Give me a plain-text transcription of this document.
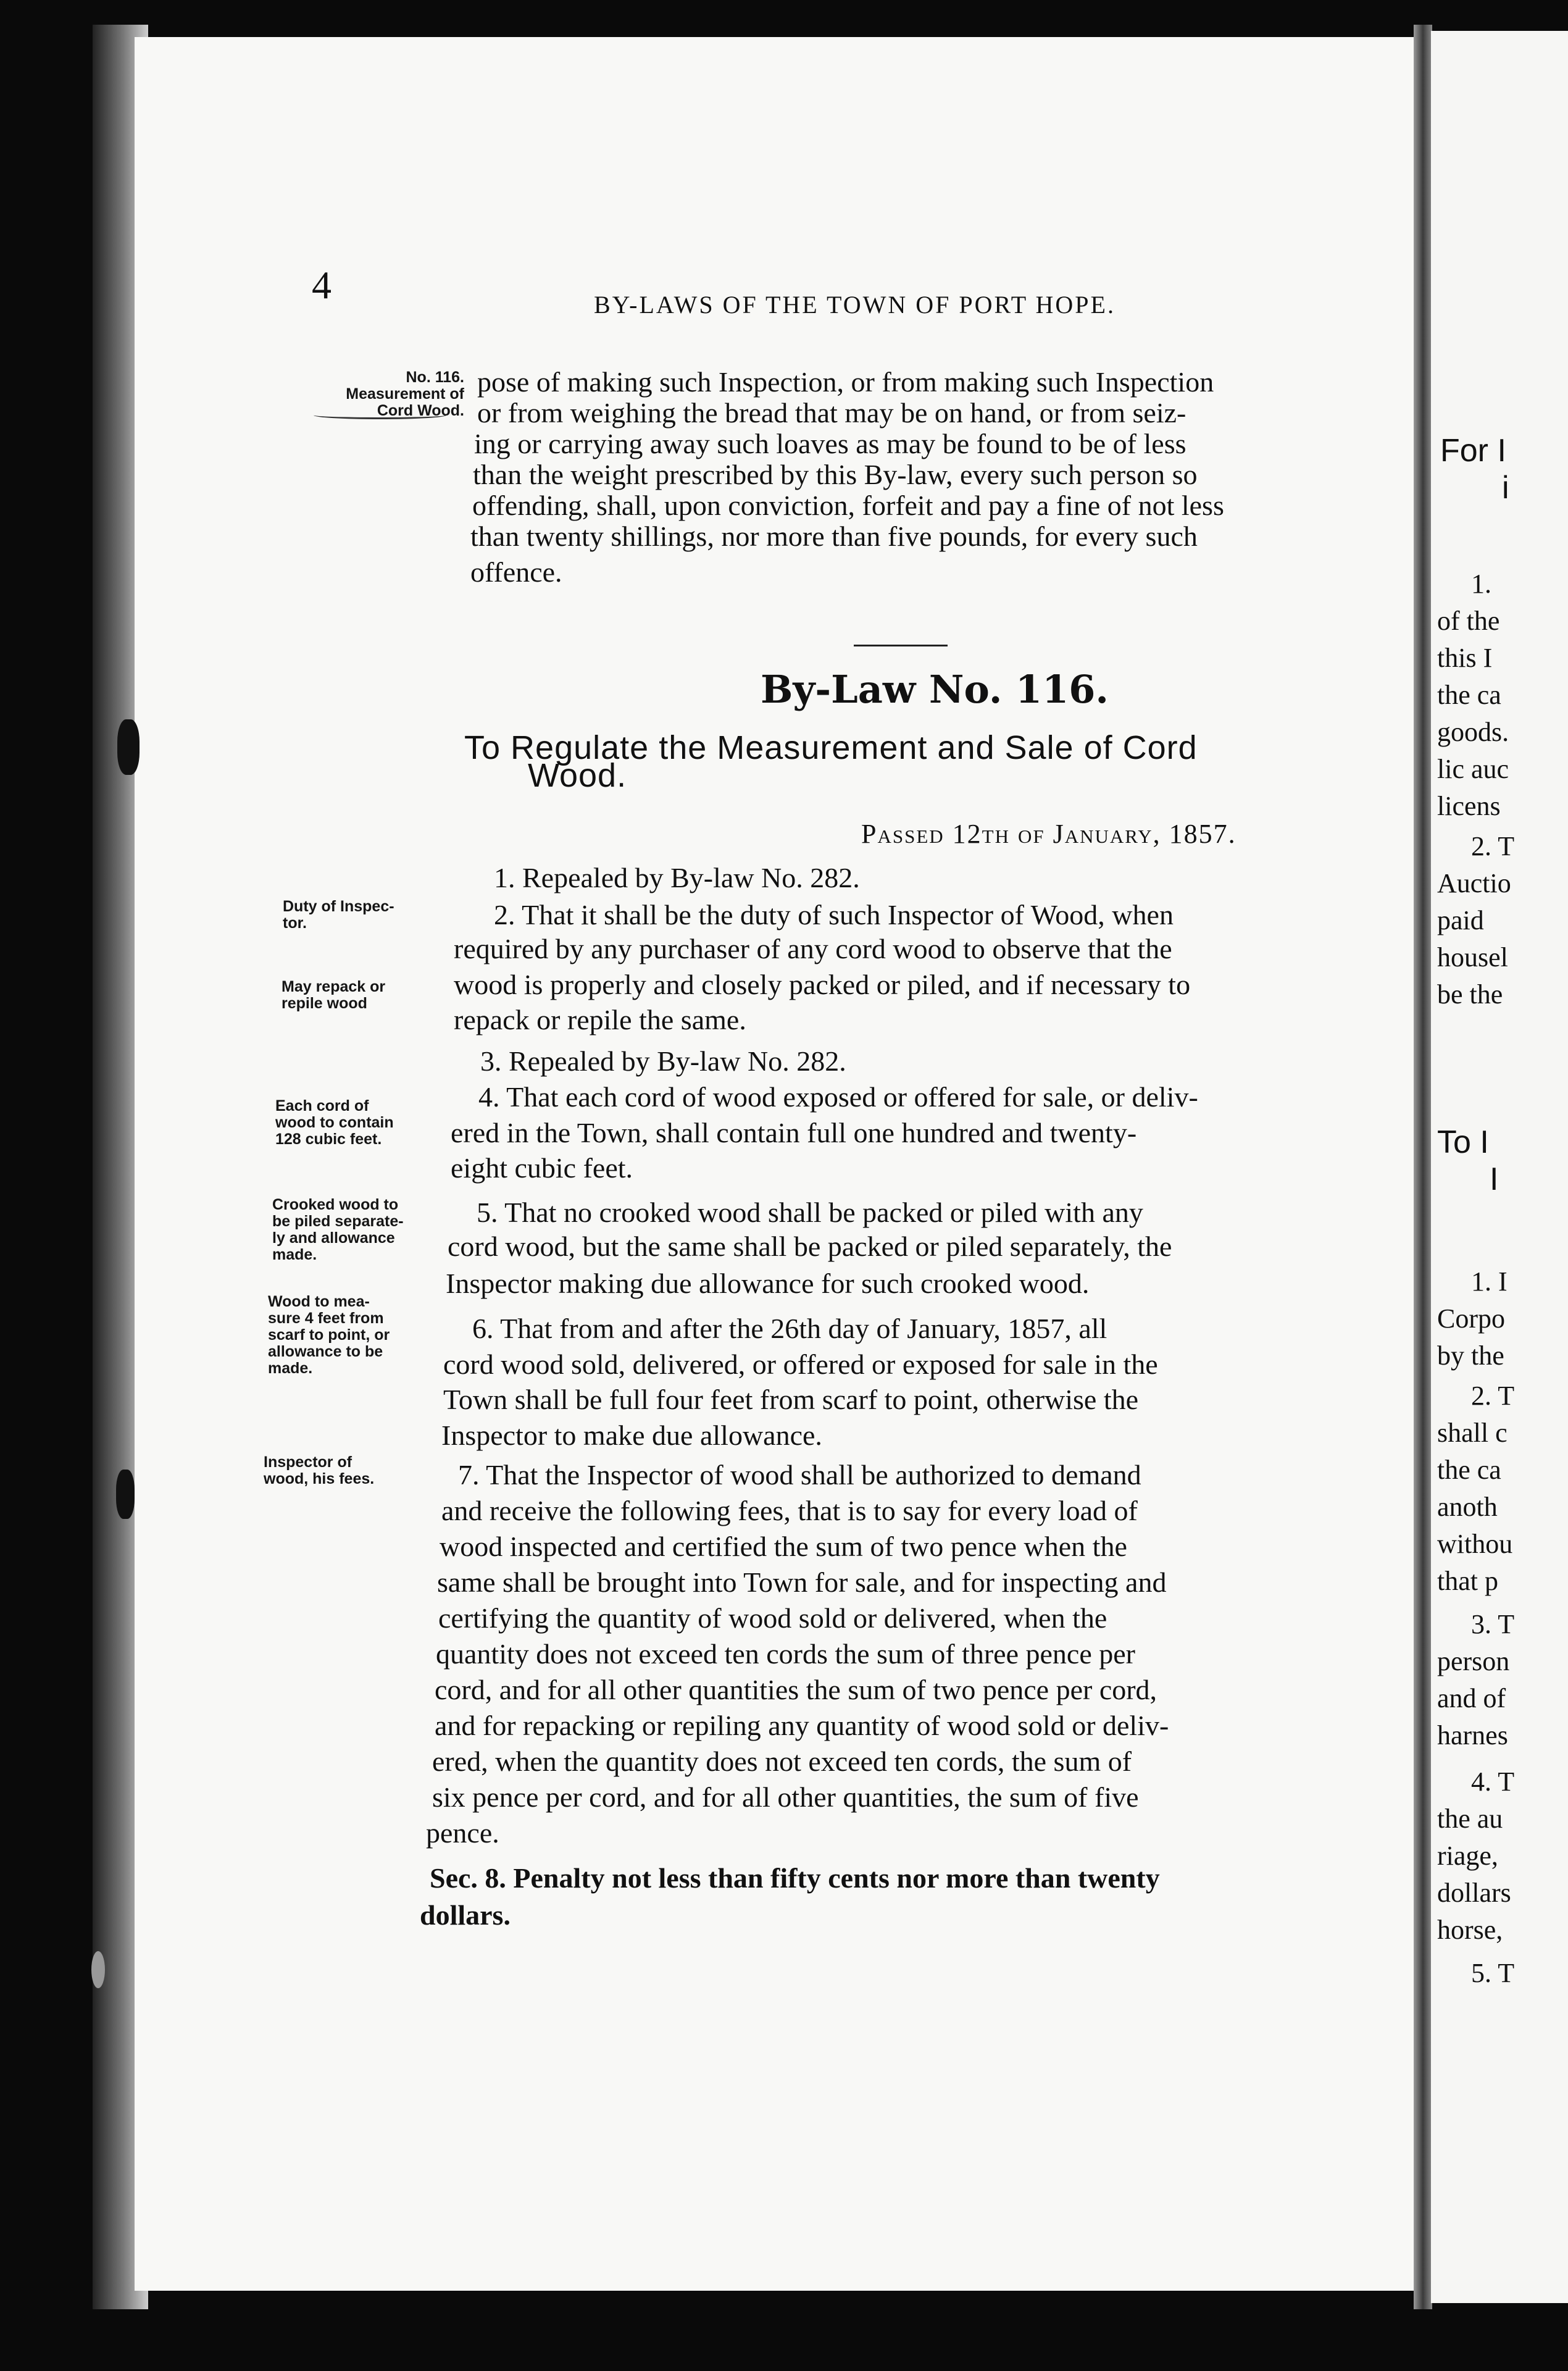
4	BY-LAWS OF THE TOWN OF PORT HOPE.
No. 116.
Measurement of
Cord Wood.
Duty of Inspec-
tor.
May repack or
repile wood
Each cord of
wood to contain
128 cubic feet.
Crooked wood to
be piled separate-
ly and allowance
made.
Wood to mea-
sure 4 feet from
scarf to point, or
allowance to be
made.
Inspector of
wood, his fees.
pose of making such Inspection, or from making such Inspection
or from weighing the bread that may be on hand, or from seiz-
ing or carrying away such loaves as may be found to be of less
than the weight prescribed by this By-law, every such person so
offending, shall, upon conviction, forfeit and pay a fine of not less
than twenty shillings, nor more than five pounds, for every such
offence.
By-Law No. 116.
To Regulate the Measurement and Sale of Cord
Wood.
Passed 12th of January, 1857.
1. Repealed by By-law No. 282.
2. That it shall be the duty of such Inspector of Wood, when
required by any purchaser of any cord wood to observe that the
wood is properly and closely packed or piled, and if necessary to
repack or repile the same.
3. Repealed by By-law No. 282.
4. That each cord of wood exposed or offered for sale, or deliv-
ered in the Town, shall contain full one hundred and twenty-
eight cubic feet.
5. That no crooked wood shall be packed or piled with any
cord wood, but the same shall be packed or piled separately, the
Inspector making due allowance for such crooked wood.
6. That from and after the 26th day of January, 1857, all
cord wood sold, delivered, or offered or exposed for sale in the
Town shall be full four feet from scarf to point, otherwise the
Inspector to make due allowance.
7. That the Inspector of wood shall be authorized to demand
and receive the following fees, that is to say for every load of
wood inspected and certified the sum of two pence when the
same shall be brought into Town for sale, and for inspecting and
certifying the quantity of wood sold or delivered, when the
quantity does not exceed ten cords the sum of three pence per
cord, and for all other quantities the sum of two pence per cord,
and for repacking or repiling any quantity of wood sold or deliv-
ered, when the quantity does not exceed ten cords, the sum of
six pence per cord, and for all other quantities, the sum of five
pence.
Sec. 8. Penalty not less than fifty cents nor more than twenty
dollars.
For I
i
1.
of the
this I
the ca
goods.
lic auc
licens
2. T
Auctio
paid
housel
be the
To I
I
1. I
Corpo
by the
2. T
shall c
the ca
anoth
withou
that p
3. T
person
and of
harnes
4. T
the au
riage,
dollars
horse,
5. T
